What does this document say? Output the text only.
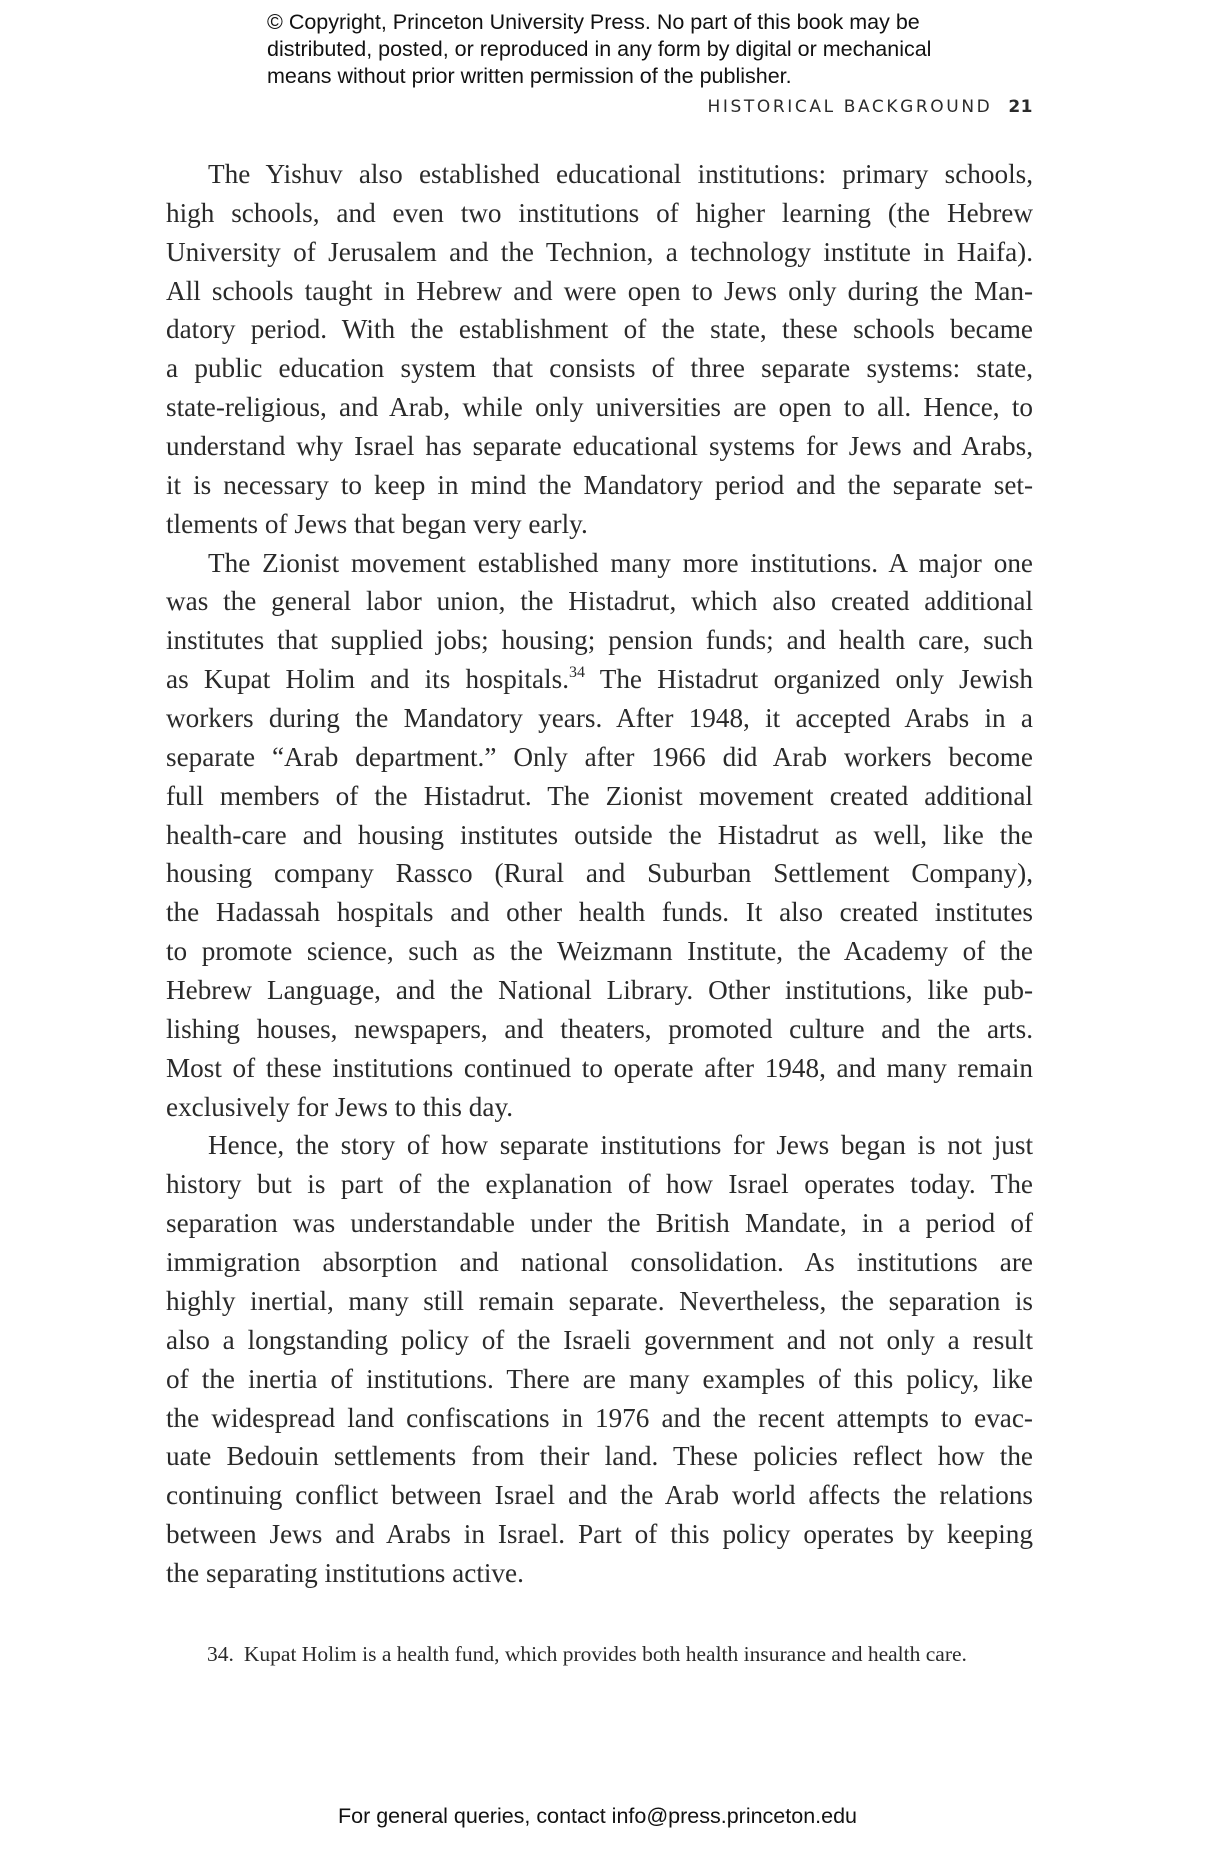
© Copyright, Princeton University Press. No part of this book may be
distributed, posted, or reproduced in any form by digital or mechanical
means without prior written permission of the publisher.
HISTORICAL BACKGROUND 21
The Yishuv also established educational institutions: primary schools,
high schools, and even two institutions of higher learning (the Hebrew
University of Jerusalem and the Technion, a technology institute in Haifa).
All schools taught in Hebrew and were open to Jews only during the Man-
datory period. With the establishment of the state, these schools became
a public education system that consists of three separate systems: state,
state-religious, and Arab, while only universities are open to all. Hence, to
understand why Israel has separate educational systems for Jews and Arabs,
it is necessary to keep in mind the Mandatory period and the separate set-
tlements of Jews that began very early.
The Zionist movement established many more institutions. A major one
was the general labor union, the Histadrut, which also created additional
institutes that supplied jobs; housing; pension funds; and health care, such
as Kupat Holim and its hospitals.$^{34}$ The Histadrut organized only Jewish
workers during the Mandatory years. After 1948, it accepted Arabs in a
separate “Arab department.” Only after 1966 did Arab workers become
full members of the Histadrut. The Zionist movement created additional
health-care and housing institutes outside the Histadrut as well, like the
housing company Rassco (Rural and Suburban Settlement Company),
the Hadassah hospitals and other health funds. It also created institutes
to promote science, such as the Weizmann Institute, the Academy of the
Hebrew Language, and the National Library. Other institutions, like pub-
lishing houses, newspapers, and theaters, promoted culture and the arts.
Most of these institutions continued to operate after 1948, and many remain
exclusively for Jews to this day.
Hence, the story of how separate institutions for Jews began is not just
history but is part of the explanation of how Israel operates today. The
separation was understandable under the British Mandate, in a period of
immigration absorption and national consolidation. As institutions are
highly inertial, many still remain separate. Nevertheless, the separation is
also a longstanding policy of the Israeli government and not only a result
of the inertia of institutions. There are many examples of this policy, like
the widespread land confiscations in 1976 and the recent attempts to evac-
uate Bedouin settlements from their land. These policies reflect how the
continuing conflict between Israel and the Arab world affects the relations
between Jews and Arabs in Israel. Part of this policy operates by keeping
the separating institutions active.
34. Kupat Holim is a health fund, which provides both health insurance and health care.
For general queries, contact info@press.princeton.edu
